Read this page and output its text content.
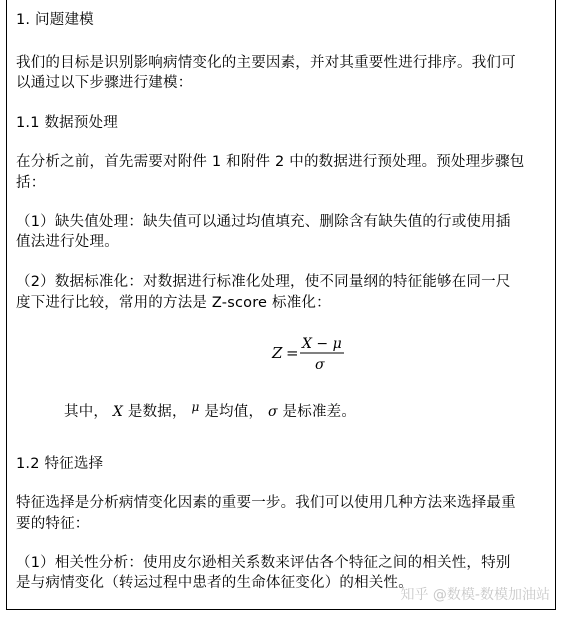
1. 问题建模
我们的目标是识别影响病情变化的主要因素，并对其重要性进行排序。我们可
以通过以下步骤进行建模：
1.1 数据预处理
在分析之前，首先需要对附件 1 和附件 2 中的数据进行预处理。预处理步骤包
括：
（1）缺失值处理：缺失值可以通过均值填充、删除含有缺失值的行或使用插
值法进行处理。
（2）数据标准化：对数据进行标准化处理，使不同量纲的特征能够在同一尺
度下进行比较，常用的方法是 Z-score 标准化：
Z = X − μ
σ
其中， X 是数据， $^\mu$ 是均值， σ 是标准差。
1.2 特征选择
特征选择是分析病情变化因素的重要一步。我们可以使用几种方法来选择最重
要的特征：
（1）相关性分析：使用皮尔逊相关系数来评估各个特征之间的相关性，特别
是与病情变化（转运过程中患者的生命体征变化）的相关性。
知乎 @数模-数模加油站
